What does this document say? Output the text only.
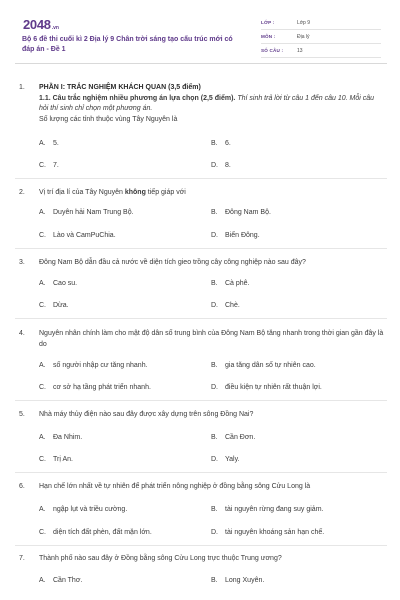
2048 .vn
Bộ 6 đề thi cuối kì 2 Địa lý 9 Chân trời sáng tạo cấu trúc mới có đáp án - Đề 1
LỚP :	Lớp 9
MÔN :	Địa lý
SỐ CÂU :	13
1. PHẦN I: TRẮC NGHIỆM KHÁCH QUAN (3,5 điểm)
1.1. Câu trắc nghiệm nhiều phương án lựa chọn (2,5 điểm). Thí sinh trả lời từ câu 1 đến câu 10. Mỗi câu hỏi thí sinh chỉ chọn một phương án.
Số lượng các tỉnh thuộc vùng Tây Nguyên là
A.	5.	B.	6.
C.	7.	D.	8.
2. Vị trí địa lí của Tây Nguyên không tiếp giáp với
A.	Duyên hải Nam Trung Bộ.	B.	Đông Nam Bộ.
C.	Lào và CamPuChia.	D.	Biển Đông.
3. Đông Nam Bộ dẫn đầu cả nước về diện tích gieo trồng cây công nghiệp nào sau đây?
A.	Cao su.	B.	Cà phê.
C.	Dừa.	D.	Chè.
4. Nguyên nhân chính làm cho mật độ dân số trung bình của Đông Nam Bộ tăng nhanh trong thời gian gần đây là do
A.	số người nhập cư tăng nhanh.	B.	gia tăng dân số tự nhiên cao.
C.	cơ sở hạ tầng phát triển nhanh.	D.	điều kiện tự nhiên rất thuận lợi.
5. Nhà máy thủy điện nào sau đây được xây dựng trên sông Đồng Nai?
A.	Đa Nhim.	B.	Cần Đơn.
C.	Trị An.	D.	Yaly.
6. Hạn chế lớn nhất về tự nhiên để phát triển nông nghiệp ở đồng bằng sông Cửu Long là
A.	ngập lụt và triều cường.	B.	tài nguyên rừng đang suy giảm.
C.	diện tích đất phèn, đất mặn lớn.	D.	tài nguyên khoáng sản hạn chế.
7. Thành phố nào sau đây ở Đồng bằng sông Cửu Long trực thuộc Trung ương?
A.	Cần Thơ.	B.	Long Xuyên.
